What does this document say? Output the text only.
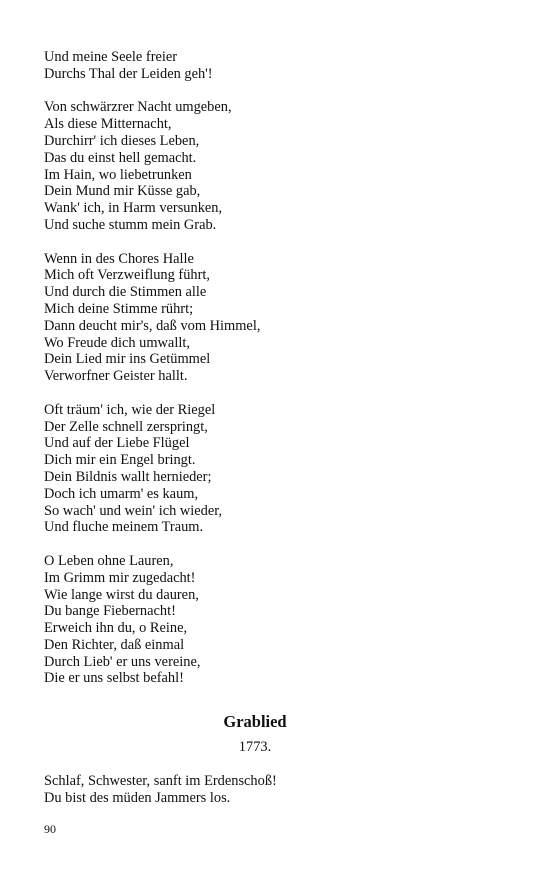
Und meine Seele freier
Durchs Thal der Leiden geh'!
Von schwärzrer Nacht umgeben,
Als diese Mitternacht,
Durchirr' ich dieses Leben,
Das du einst hell gemacht.
Im Hain, wo liebetrunken
Dein Mund mir Küsse gab,
Wank' ich, in Harm versunken,
Und suche stumm mein Grab.
Wenn in des Chores Halle
Mich oft Verzweiflung führt,
Und durch die Stimmen alle
Mich deine Stimme rührt;
Dann deucht mir's, daß vom Himmel,
Wo Freude dich umwallt,
Dein Lied mir ins Getümmel
Verworfner Geister hallt.
Oft träum' ich, wie der Riegel
Der Zelle schnell zerspringt,
Und auf der Liebe Flügel
Dich mir ein Engel bringt.
Dein Bildnis wallt hernieder;
Doch ich umarm' es kaum,
So wach' und wein' ich wieder,
Und fluche meinem Traum.
O Leben ohne Lauren,
Im Grimm mir zugedacht!
Wie lange wirst du dauren,
Du bange Fiebernacht!
Erweich ihn du, o Reine,
Den Richter, daß einmal
Durch Lieb' er uns vereine,
Die er uns selbst befahl!
Grablied
1773.
Schlaf, Schwester, sanft im Erdenschoß!
Du bist des müden Jammers los.
90
